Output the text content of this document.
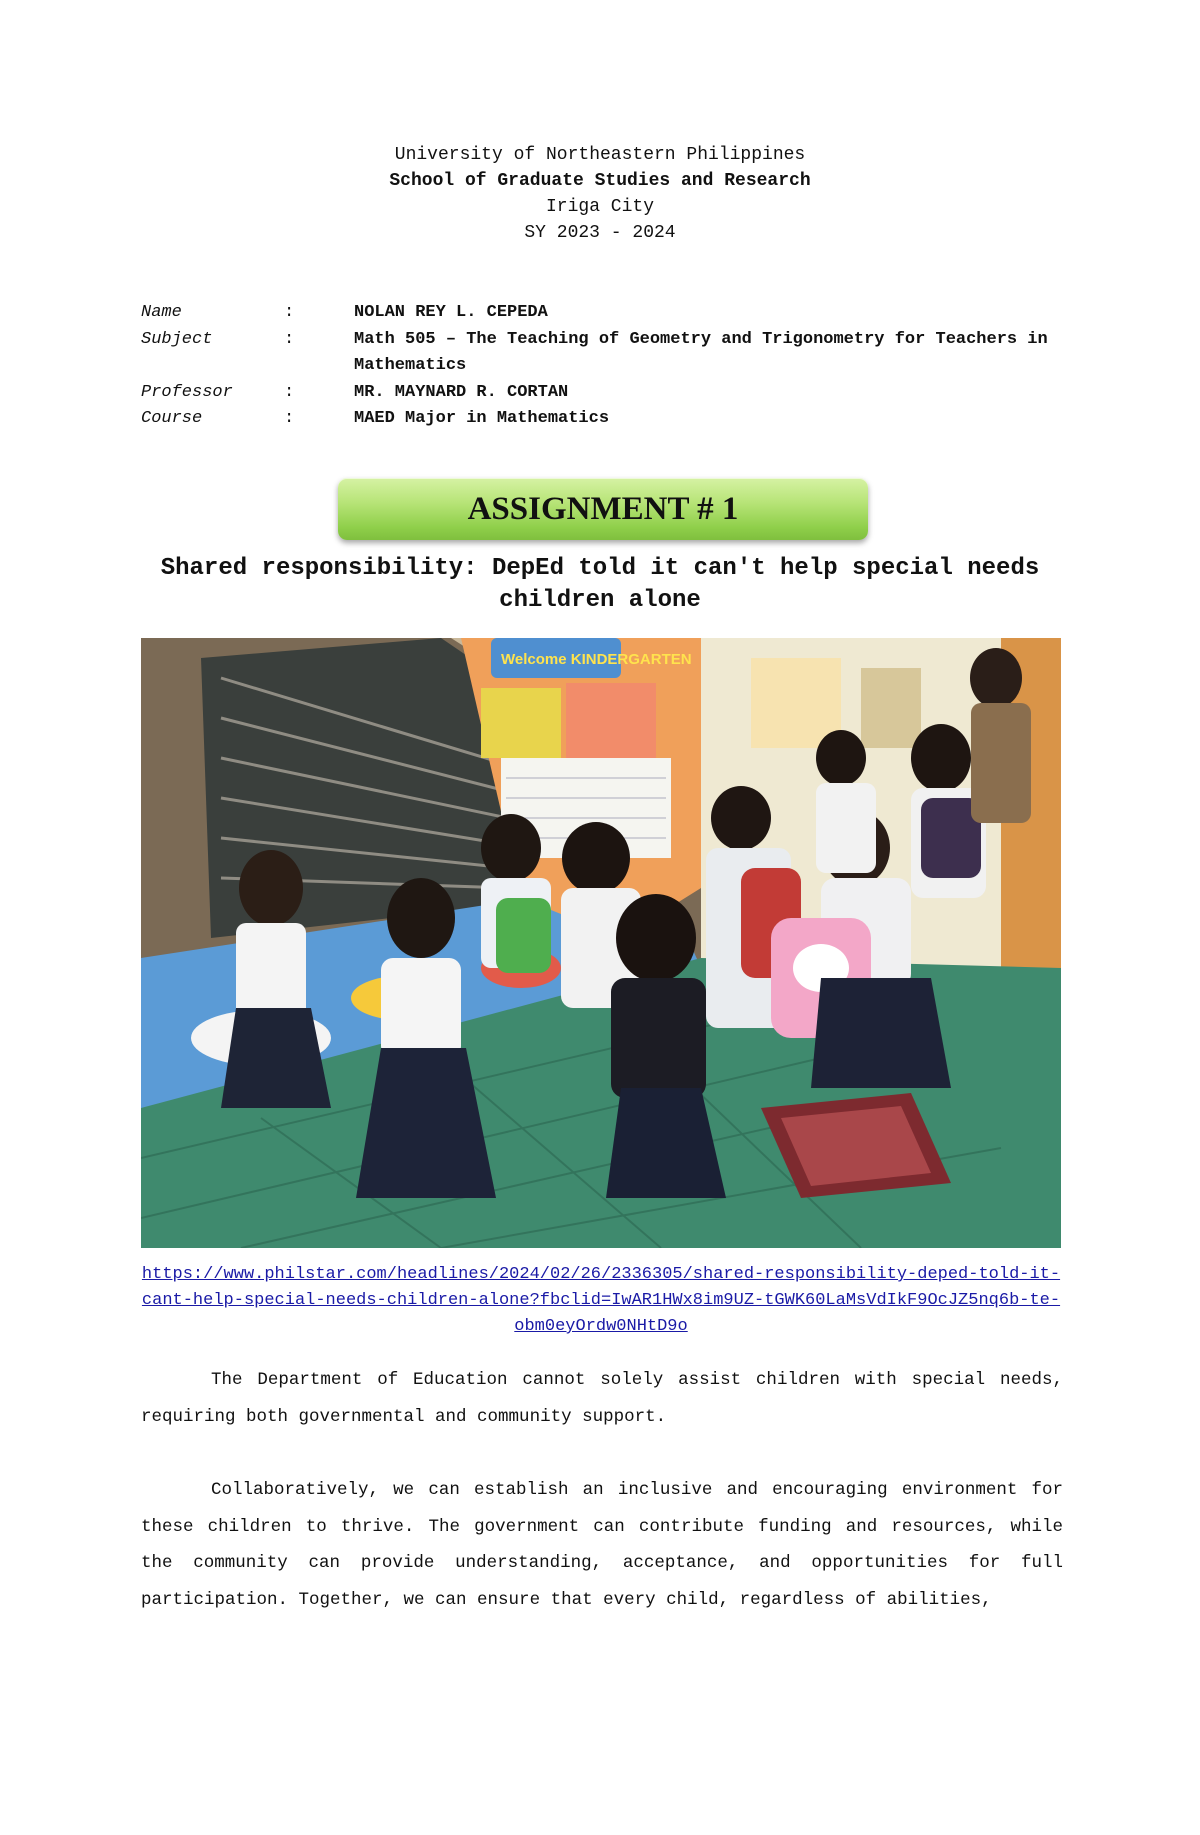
University of Northeastern Philippines
School of Graduate Studies and Research
Iriga City
SY 2023 - 2024
Name	:	NOLAN REY L. CEPEDA
Subject	:	Math 505 – The Teaching of Geometry and Trigonometry for Teachers in Mathematics
Professor	:	MR. MAYNARD R. CORTAN
Course	:	MAED Major in Mathematics
ASSIGNMENT # 1
Shared responsibility: DepEd told it can't help special needs children alone
Welcome KINDERGARTEN
https://www.philstar.com/headlines/2024/02/26/2336305/shared-responsibility-deped-told-it-cant-help-special-needs-children-alone?fbclid=IwAR1HWx8im9UZ-tGWK60LaMsVdIkF9OcJZ5nq6b-te-obm0eyOrdw0NHtD9o
The Department of Education cannot solely assist children with special needs, requiring both governmental and community support.
Collaboratively, we can establish an inclusive and encouraging environment for these children to thrive. The government can contribute funding and resources, while the community can provide understanding, acceptance, and opportunities for full participation. Together, we can ensure that every child, regardless of abilities,
